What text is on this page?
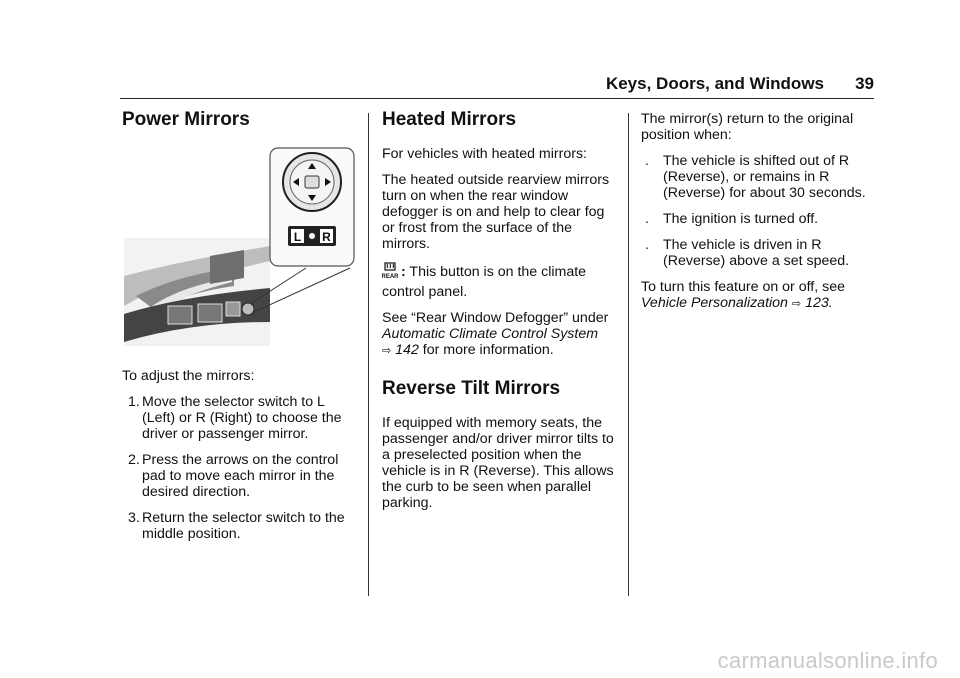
Keys, Doors, and Windows 39
Power Mirrors
L R

To adjust the mirrors:

1. Move the selector switch to L (Left) or R (Right) to choose the driver or passenger mirror.
2. Press the arrows on the control pad to move each mirror in the desired direction.
3. Return the selector switch to the middle position.
Heated Mirrors

For vehicles with heated mirrors:

The heated outside rearview mirrors turn on when the rear window defogger is on and help to clear fog or frost from the surface of the mirrors.

REAR : This button is on the climate control panel.

See “Rear Window Defogger” under Automatic Climate Control System
⇨ 142 for more information.

Reverse Tilt Mirrors

If equipped with memory seats, the passenger and/or driver mirror tilts to a preselected position when the vehicle is in R (Reverse). This allows the curb to be seen when parallel parking.

The mirror(s) return to the original position when:

. The vehicle is shifted out of R (Reverse), or remains in R (Reverse) for about 30 seconds.
. The ignition is turned off.
. The vehicle is driven in R (Reverse) above a set speed.

To turn this feature on or off, see
Vehicle Personalization ⇨ 123.

carmanualsonline.info
